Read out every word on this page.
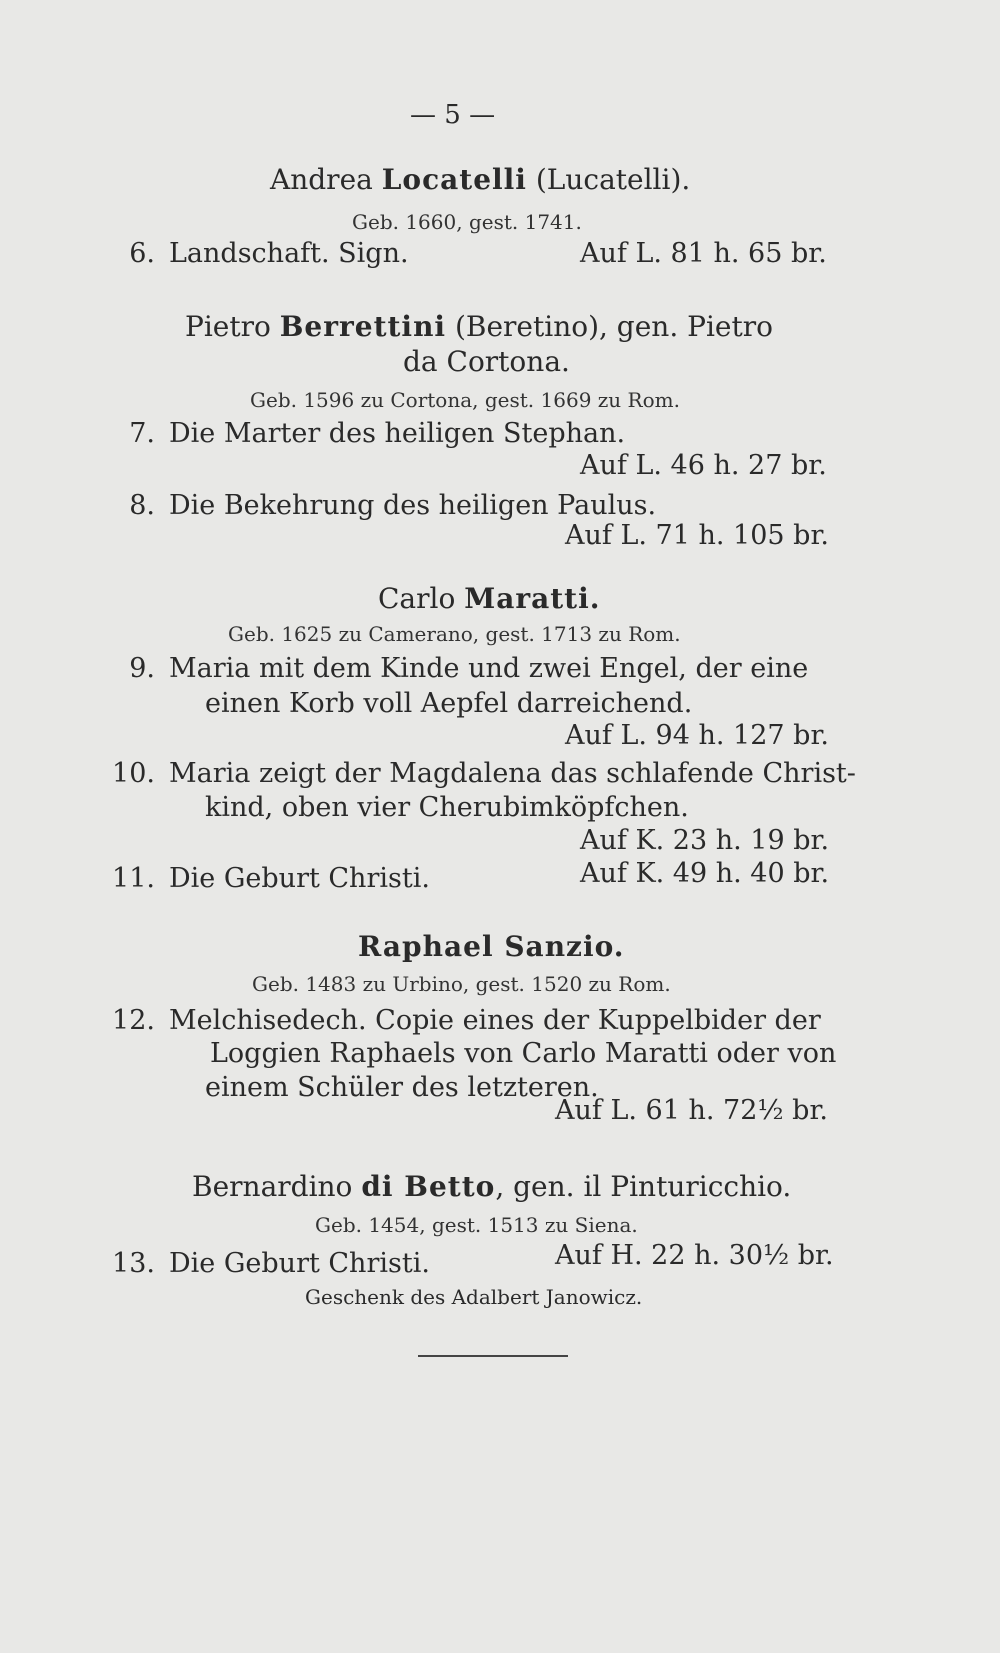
— 5 —
Andrea Locatelli (Lucatelli).
Geb. 1660, gest. 1741.
6. Landschaft. Sign.	Auf L. 81 h. 65 br.
Pietro Berrettini (Beretino), gen. Pietro
da Cortona.
Geb. 1596 zu Cortona, gest. 1669 zu Rom.
7. Die Marter des heiligen Stephan.
Auf L. 46 h. 27 br.
8. Die Bekehrung des heiligen Paulus.
Auf L. 71 h. 105 br.
Carlo Maratti.
Geb. 1625 zu Camerano, gest. 1713 zu Rom.
9. Maria mit dem Kinde und zwei Engel, der eine
einen Korb voll Aepfel darreichend.
Auf L. 94 h. 127 br.
10. Maria zeigt der Magdalena das schlafende Christ-
kind, oben vier Cherubimköpfchen.
Auf K. 23 h. 19 br.
11. Die Geburt Christi.	Auf K. 49 h. 40 br.
Raphael Sanzio.
Geb. 1483 zu Urbino, gest. 1520 zu Rom.
12. Melchisedech. Copie eines der Kuppelbider der
Loggien Raphaels von Carlo Maratti oder von
einem Schüler des letzteren.
Auf L. 61 h. 72½ br.
Bernardino di Betto, gen. il Pinturicchio.
Geb. 1454, gest. 1513 zu Siena.
13. Die Geburt Christi.	Auf H. 22 h. 30½ br.
Geschenk des Adalbert Janowicz.
